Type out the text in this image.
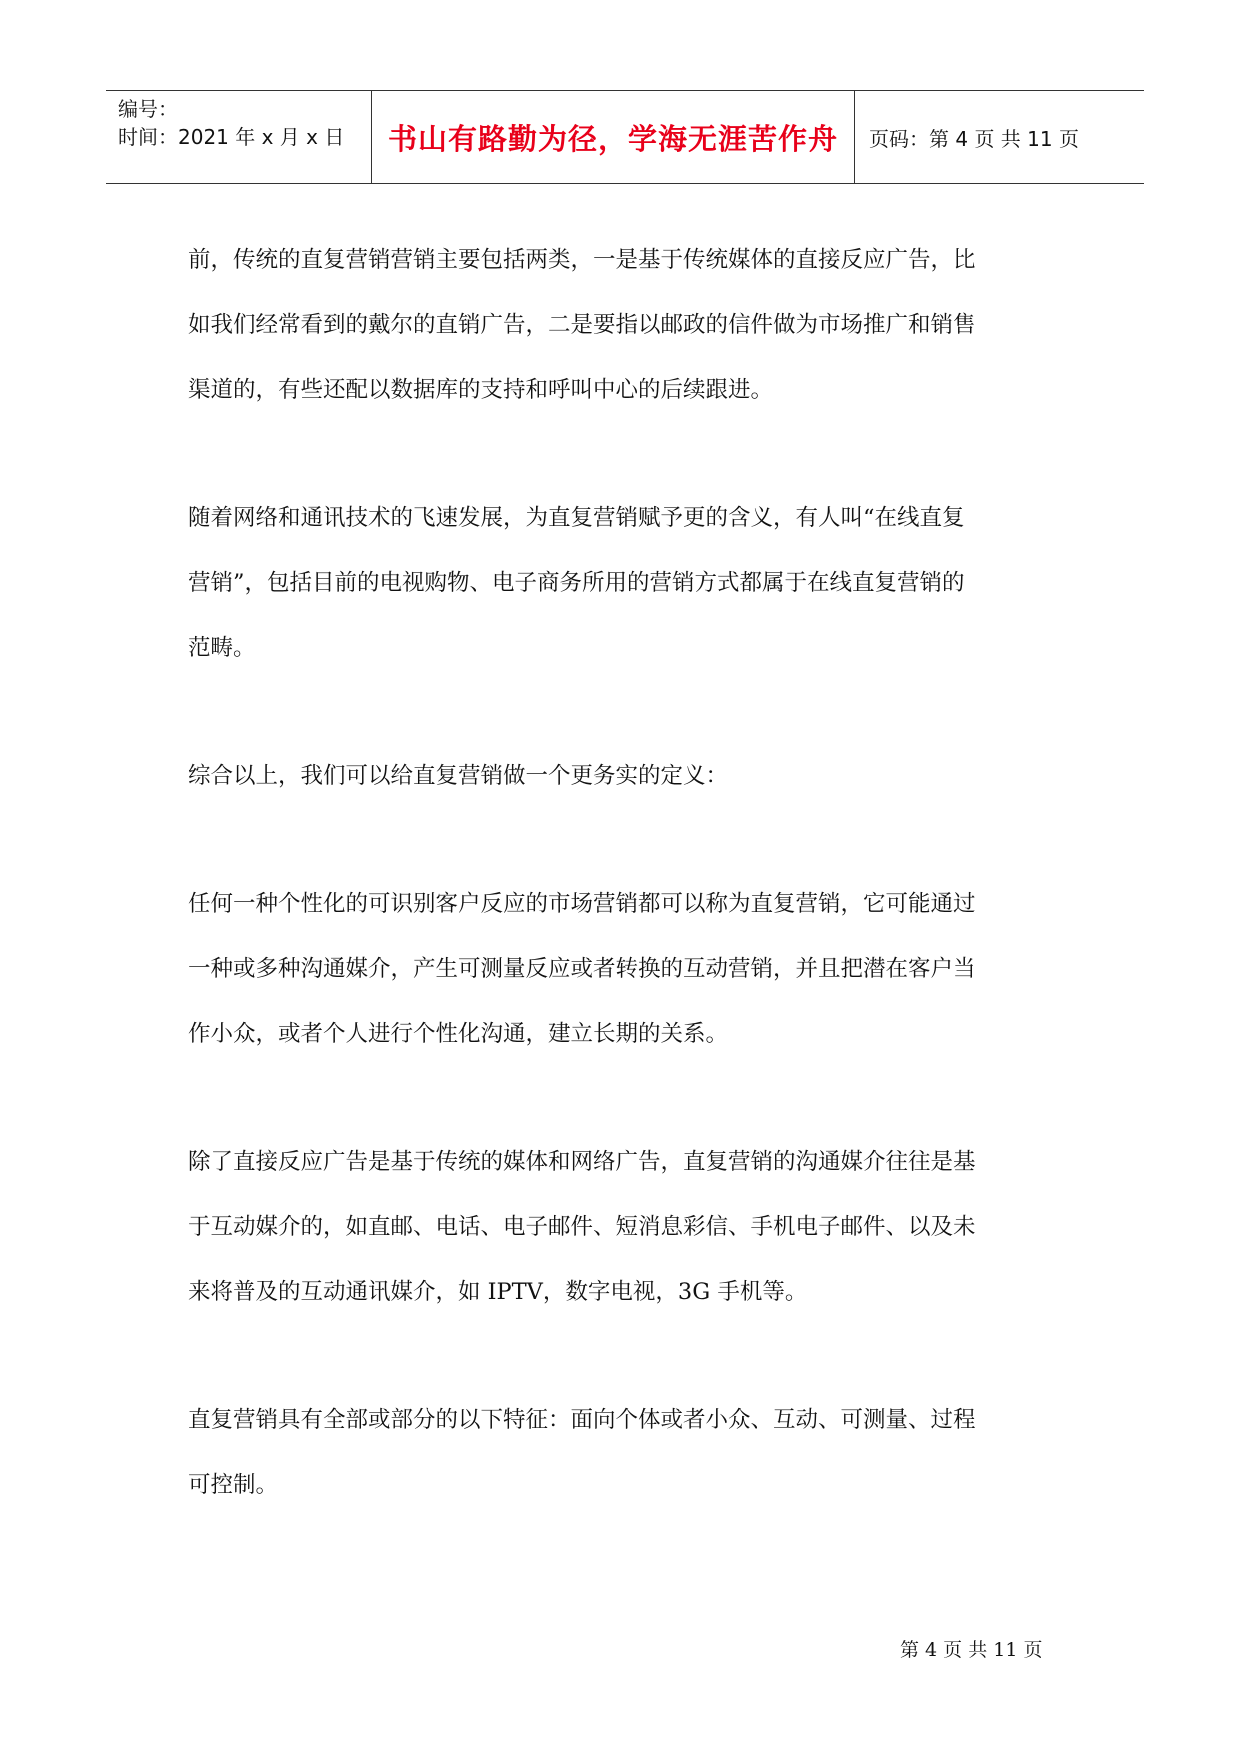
编号：
时间：2021 年 x 月 x 日 书山有路勤为径，学海无涯苦作舟	页码：第 4 页 共 11 页

前，传统的直复营销营销主要包括两类，一是基于传统媒体的直接反应广告，比
如我们经常看到的戴尔的直销广告，二是要指以邮政的信件做为市场推广和销售
渠道的，有些还配以数据库的支持和呼叫中心的后续跟进。

随着网络和通讯技术的飞速发展，为直复营销赋予更的含义，有人叫“在线直复
营销”，包括目前的电视购物、电子商务所用的营销方式都属于在线直复营销的
范畴。

综合以上，我们可以给直复营销做一个更务实的定义：

任何一种个性化的可识别客户反应的市场营销都可以称为直复营销，它可能通过
一种或多种沟通媒介，产生可测量反应或者转换的互动营销，并且把潜在客户当
作小众，或者个人进行个性化沟通，建立长期的关系。

除了直接反应广告是基于传统的媒体和网络广告，直复营销的沟通媒介往往是基
于互动媒介的，如直邮、电话、电子邮件、短消息彩信、手机电子邮件、以及未
来将普及的互动通讯媒介，如 IPTV，数字电视，3G 手机等。

直复营销具有全部或部分的以下特征：面向个体或者小众、互动、可测量、过程
可控制。

第 4 页 共 11 页
